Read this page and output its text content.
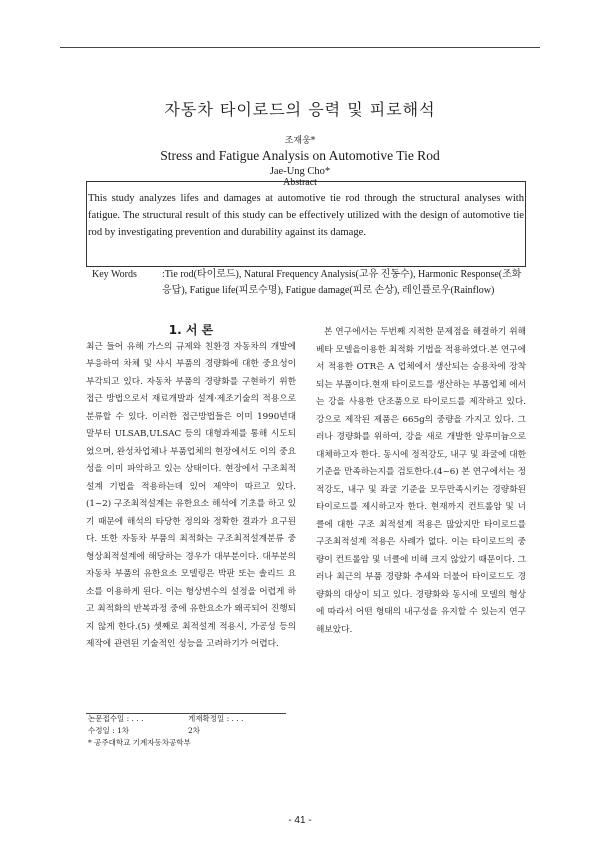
자동차 타이로드의 응력 및 피로해석
조재웅*
Stress and Fatigue Analysis on Automotive Tie Rod
Jae-Ung Cho*
Abstract
This study analyzes lifes and damages at automotive tie rod through the structural analyses with fatigue. The structural result of this study can be effectively utilized with the design of automotive tie rod by investigating prevention and durability against its damage.
Key Words	:Tie rod(타이로드), Natural Frequency Analysis(고유 진동수), Harmonic Response(조화응답), Fatigue life(피로수명), Fatigue damage(피로 손상), 레인플로우(Rainflow)
1. 서 론
최근 들어 유해 가스의 규제와 친환경 자동차의 개발에 부응하여 차체 및 샤시 부품의 경량화에 대한 중요성이 부각되고 있다. 자동차 부품의 경량화를 구현하기 위한 접근 방법으로서 재료개발과 설계·제조기술의 적용으로 분류할 수 있다. 이러한 접근방법들은 이미 1990년대 말부터 ULSAB,ULSAC 등의 대형과제를 통해 시도되었으며, 완성차업체나 부품업체의 현장에서도 이의 중요성을 이미 파악하고 있는 상태이다. 현장에서 구조최적설계 기법을 적용하는데 있어 제약이 따르고 있다. (1~2) 구조최적설계는 유한요소 해석에 기초를 하고 있기 때문에 해석의 타당한 정의와 정확한 결과가 요구된다. 또한 자동차 부품의 최적화는 구조최적설계분류 중 형상최적설계에 해당하는 경우가 대부분이다. 대부분의 자동차 부품의 유한요소 모델링은 박판 또는 솔리드 요소를 이용하게 된다. 이는 형상변수의 설정을 어렵게 하고 최적화의 반복과정 중에 유한요소가 왜곡되어 진행되지 않게 한다.(5) 셋째로 최적설계 적용시, 가공성 등의 제작에 관련된 기술적인 성능을 고려하기가 어렵다.
본 연구에서는 두번째 지적한 문제점을 해결하기 위해 베타 모델을이용한 최적화 기법을 적용하였다.본 연구에서 적용한 OTR은 A 업체에서 생산되는 승용차에 장착되는 부품이다.현재 타이로드를 생산하는 부품업체 에서는 강을 사용한 단조품으로 타이로드를 제작하고 있다. 강으로 제작된 제품은 665g의 중량을 가지고 있다. 그러나 경량화를 위하여, 강을 새로 개발한 알루미늄으로 대체하고자 한다. 동시에 정적강도, 내구 및 좌굴에 대한 기준을 만족하는지를 검토한다.(4~6) 본 연구에서는 정적강도, 내구 및 좌굴 기준을 모두만족시키는 경량화된 타이로드를 제시하고자 한다. 현재까지 컨트롤암 및 너클에 대한 구조 최적설계 적용은 많았지만 타이로드를 구조최적설계 적용은 사례가 없다. 이는 타이로드의 중량이 컨트롤암 및 너클에 비해 크지 않았기 때문이다. 그러나 최근의 부품 경량화 추세와 더불어 타이로드도 경량화의 대상이 되고 있다. 경량화와 동시에 모델의 형상에 따라서 어떤 형태의 내구성을 유지할 수 있는지 연구해보았다.
논문접수일 : . . .	게재확정일 : . . .
수정일 : 1차	2차
* 공주대학교 기계자동차공학부
- 41 -
